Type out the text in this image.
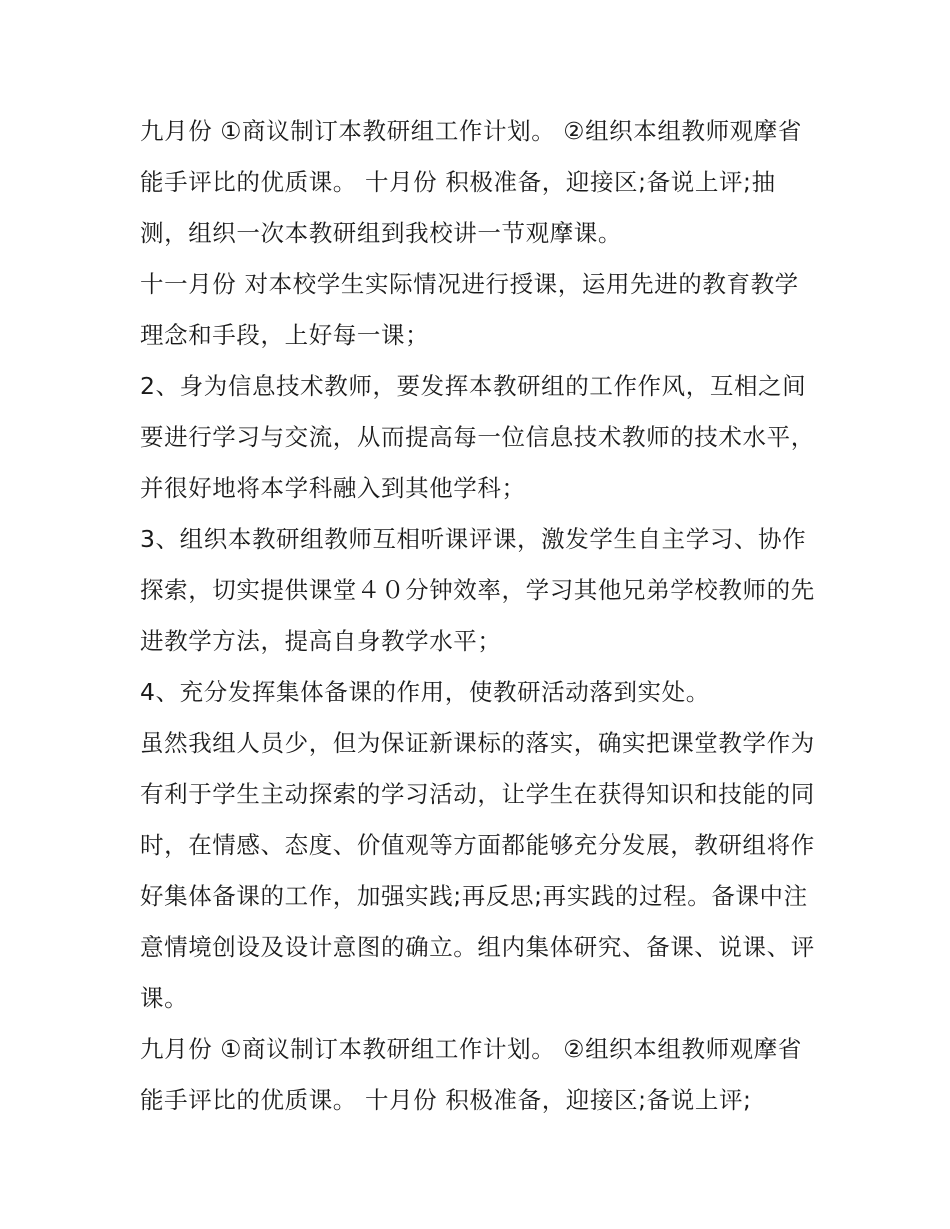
九月份 ①商议制订本教研组工作计划。 ②组织本组教师观摩省能手评比的优质课。 十月份 积极准备，迎接区;备说上评;抽测，组织一次本教研组到我校讲一节观摩课。

十一月份 对本校学生实际情况进行授课，运用先进的教育教学理念和手段，上好每一课；

2、身为信息技术教师，要发挥本教研组的工作作风，互相之间要进行学习与交流，从而提高每一位信息技术教师的技术水平，并很好地将本学科融入到其他学科；

3、组织本教研组教师互相听课评课，激发学生自主学习、协作探索，切实提供课堂４０分钟效率，学习其他兄弟学校教师的先进教学方法，提高自身教学水平；

4、充分发挥集体备课的作用，使教研活动落到实处。

虽然我组人员少，但为保证新课标的落实，确实把课堂教学作为有利于学生主动探索的学习活动，让学生在获得知识和技能的同时，在情感、态度、价值观等方面都能够充分发展，教研组将作好集体备课的工作，加强实践;再反思;再实践的过程。备课中注意情境创设及设计意图的确立。组内集体研究、备课、说课、评课。

九月份 ①商议制订本教研组工作计划。 ②组织本组教师观摩省能手评比的优质课。 十月份 积极准备，迎接区;备说上评;
